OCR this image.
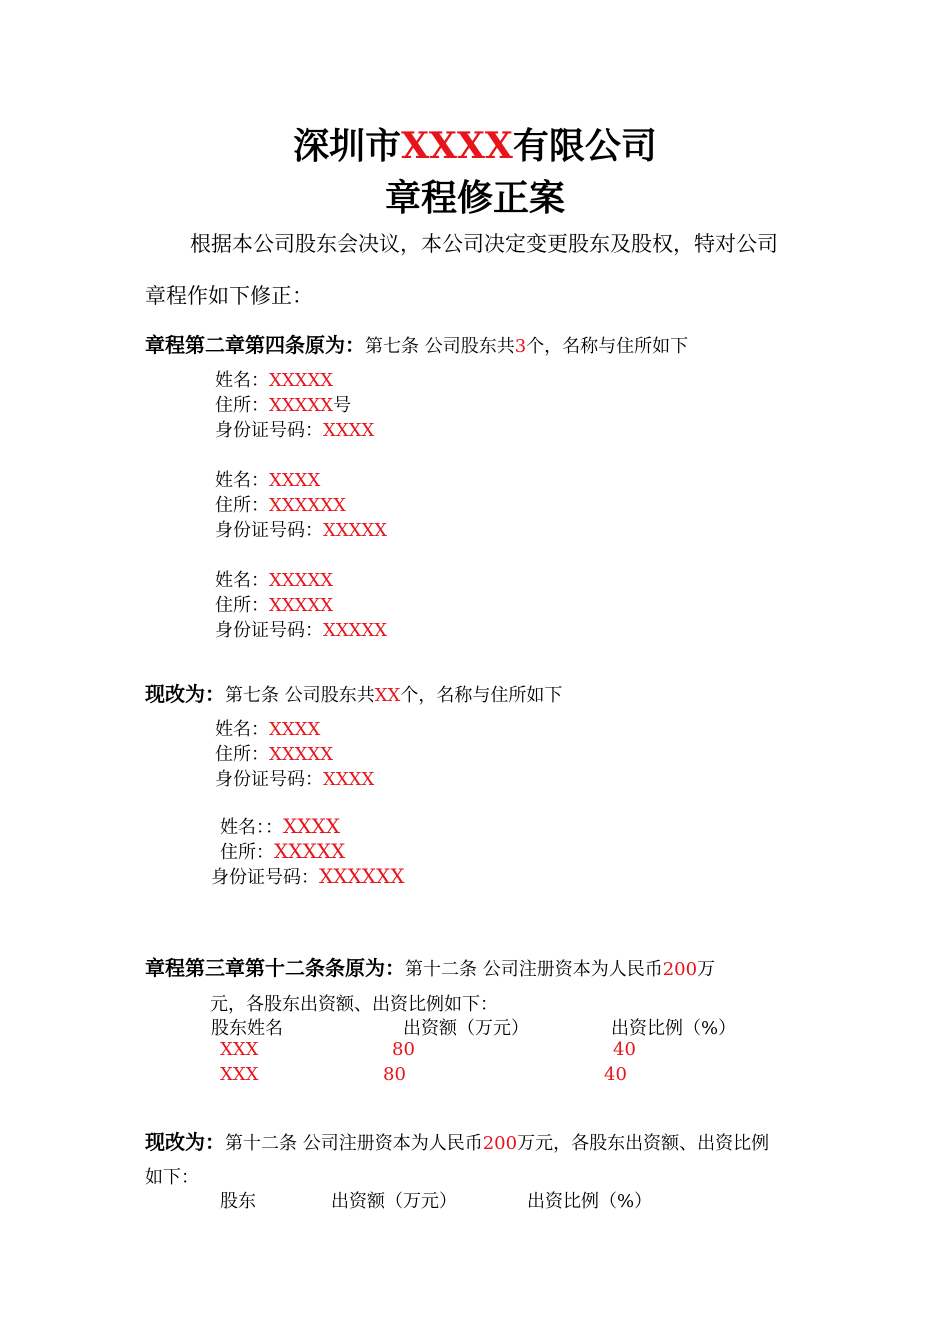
深圳市XXXX有限公司
章程修正案
根据本公司股东会决议，本公司决定变更股东及股权，特对公司
章程作如下修正：
章程第二章第四条原为：第七条 公司股东共3个，名称与住所如下
姓名：XXXXX
住所：XXXXX号
身份证号码：XXXX
姓名：XXXX
住所：XXXXXX
身份证号码：XXXXX
姓名：XXXXX
住所：XXXXX
身份证号码：XXXXX
现改为：第七条 公司股东共XX个，名称与住所如下
姓名：XXXX
住所：XXXXX
身份证号码：XXXX
姓名：：XXXX
住所：XXXXX
身份证号码：XXXXXX
章程第三章第十二条条原为：第十二条 公司注册资本为人民币200万
元，各股东出资额、出资比例如下：
股东姓名	出资额（万元）	出资比例（%）
XXX	80	40
XXX	80	40
现改为：第十二条 公司注册资本为人民币200万元，各股东出资额、出资比例
如下：
股东	出资额（万元）	出资比例（%）
